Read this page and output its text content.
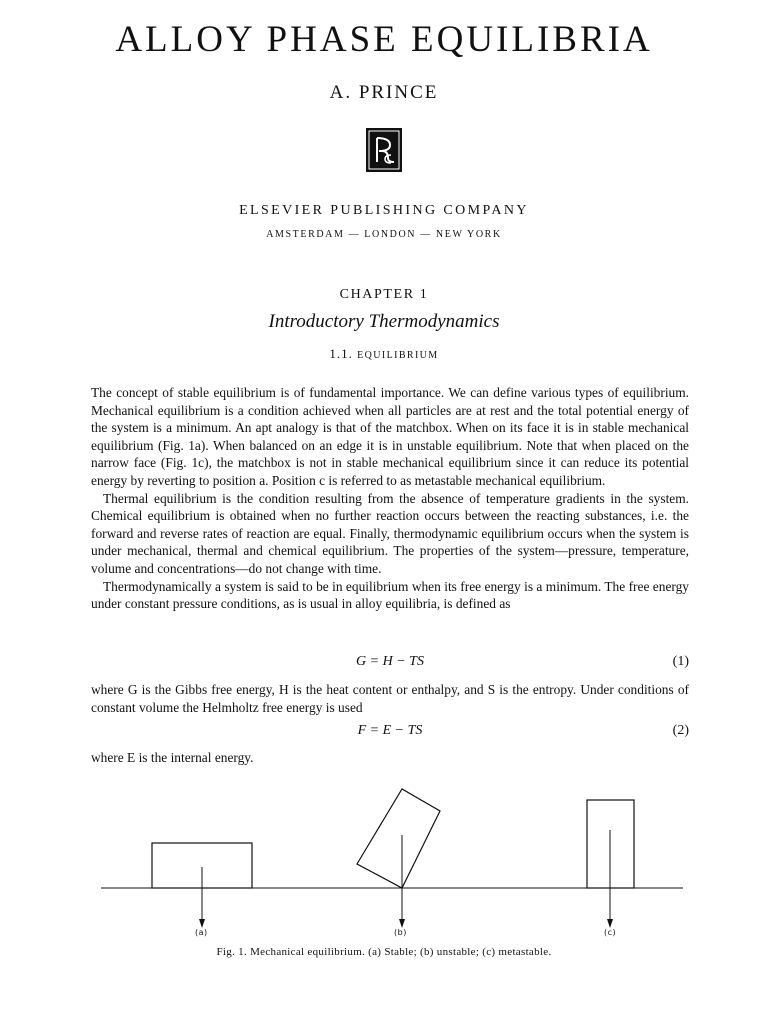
ALLOY PHASE EQUILIBRIA
A. PRINCE
ELSEVIER PUBLISHING COMPANY
AMSTERDAM — LONDON — NEW YORK
CHAPTER 1
Introductory Thermodynamics
1.1. EQUILIBRIUM

The concept of stable equilibrium is of fundamental importance. We can define various types of equilibrium. Mechanical equilibrium is a condition achieved when all particles are at rest and the total potential energy of the system is a minimum. An apt analogy is that of the matchbox. When on its face it is in stable mechanical equilibrium (Fig. 1a). When balanced on an edge it is in unstable equilibrium. Note that when placed on the narrow face (Fig. 1c), the matchbox is not in stable mechanical equilibrium since it can reduce its potential energy by reverting to position a. Position c is referred to as metastable mechanical equilibrium.

Thermal equilibrium is the condition resulting from the absence of temperature gradients in the system. Chemical equilibrium is obtained when no further reaction occurs between the reacting substances, i.e. the forward and reverse rates of reaction are equal. Finally, thermodynamic equilibrium occurs when the system is under mechanical, thermal and chemical equilibrium. The properties of the system—pressure, temperature, volume and concentrations—do not change with time.

Thermodynamically a system is said to be in equilibrium when its free energy is a minimum. The free energy under constant pressure conditions, as is usual in alloy equilibria, is defined as

G = H − TS	(1)

where G is the Gibbs free energy, H is the heat content or enthalpy, and S is the entropy. Under conditions of constant volume the Helmholtz free energy is used

F = E − TS	(2)

where E is the internal energy.

(a)	(b)	(c)
Fig. 1. Mechanical equilibrium. (a) Stable; (b) unstable; (c) metastable.
